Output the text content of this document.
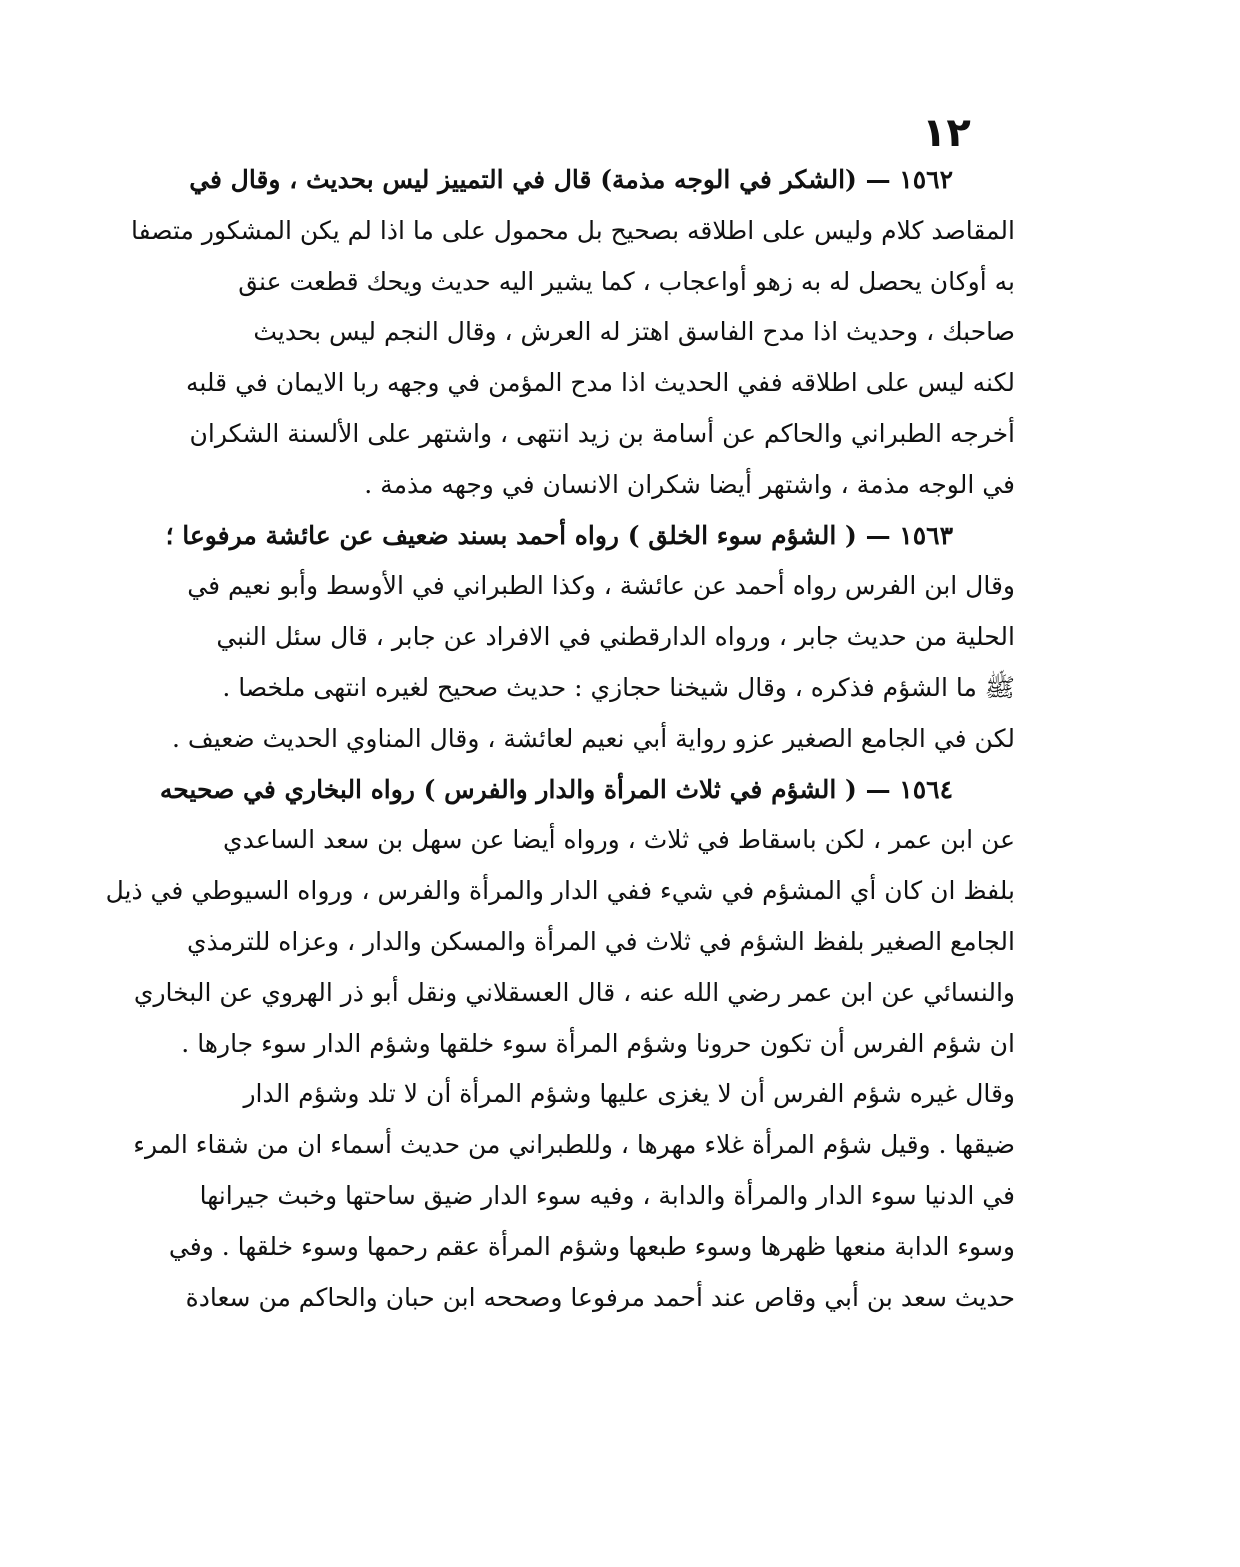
١٢
١٥٦٢ — (الشكر في الوجه مذمة) قال في التمييز ليس بحديث ، وقال في
المقاصد كلام وليس على اطلاقه بصحيح بل محمول على ما اذا لم يكن المشكور متصفا
به أوكان يحصل له به زهو أواعجاب ، كما يشير اليه حديث ويحك قطعت عنق
صاحبك ، وحديث اذا مدح الفاسق اهتز له العرش ، وقال النجم ليس بحديث
لكنه ليس على اطلاقه ففي الحديث اذا مدح المؤمن في وجهه ربا الايمان في قلبه
أخرجه الطبراني والحاكم عن أسامة بن زيد انتهى ، واشتهر على الألسنة الشكران
في الوجه مذمة ، واشتهر أيضا شكران الانسان في وجهه مذمة .
١٥٦٣ — ( الشؤم سوء الخلق ) رواه أحمد بسند ضعيف عن عائشة مرفوعا ؛
وقال ابن الفرس رواه أحمد عن عائشة ، وكذا الطبراني في الأوسط وأبو نعيم في
الحلية من حديث جابر ، ورواه الدارقطني في الافراد عن جابر ، قال سئل النبي
ﷺ ما الشؤم فذكره ، وقال شيخنا حجازي : حديث صحيح لغيره انتهى ملخصا .
لكن في الجامع الصغير عزو رواية أبي نعيم لعائشة ، وقال المناوي الحديث ضعيف .
١٥٦٤ — ( الشؤم في ثلاث المرأة والدار والفرس ) رواه البخاري في صحيحه
عن ابن عمر ، لكن باسقاط في ثلاث ، ورواه أيضا عن سهل بن سعد الساعدي
بلفظ ان كان أي المشؤم في شيء ففي الدار والمرأة والفرس ، ورواه السيوطي في ذيل
الجامع الصغير بلفظ الشؤم في ثلاث في المرأة والمسكن والدار ، وعزاه للترمذي
والنسائي عن ابن عمر رضي الله عنه ، قال العسقلاني ونقل أبو ذر الهروي عن البخاري
ان شؤم الفرس أن تكون حرونا وشؤم المرأة سوء خلقها وشؤم الدار سوء جارها .
وقال غيره شؤم الفرس أن لا يغزى عليها وشؤم المرأة أن لا تلد وشؤم الدار
ضيقها . وقيل شؤم المرأة غلاء مهرها ، وللطبراني من حديث أسماء ان من شقاء المرء
في الدنيا سوء الدار والمرأة والدابة ، وفيه سوء الدار ضيق ساحتها وخبث جيرانها
وسوء الدابة منعها ظهرها وسوء طبعها وشؤم المرأة عقم رحمها وسوء خلقها . وفي
حديث سعد بن أبي وقاص عند أحمد مرفوعا وصححه ابن حبان والحاكم من سعادة
